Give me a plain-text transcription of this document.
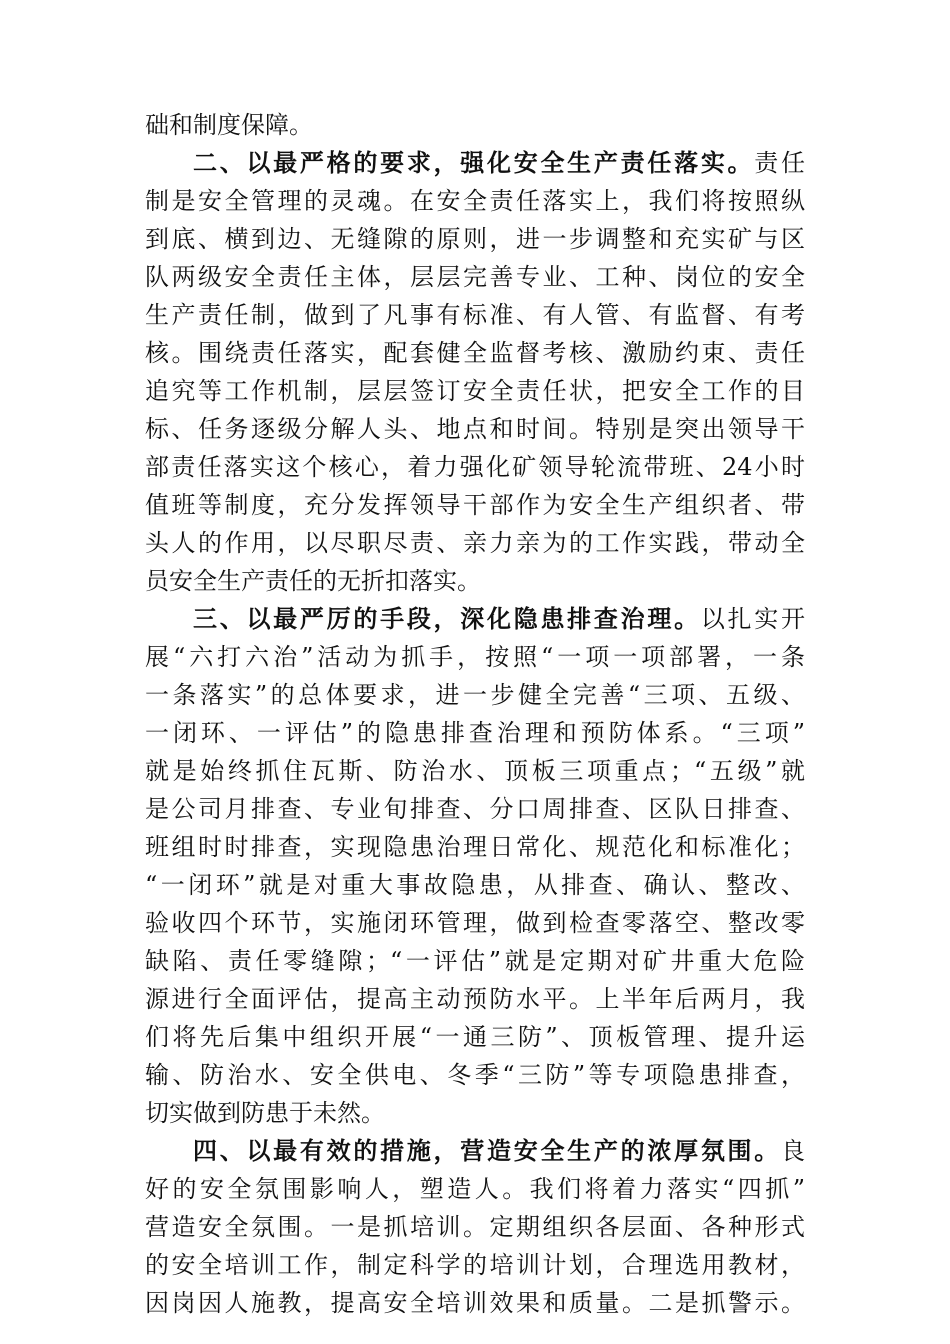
础和制度保障。
二、以最严格的要求，强化安全生产责任落实。责任
制是安全管理的灵魂。在安全责任落实上，我们将按照纵
到底、横到边、无缝隙的原则，进一步调整和充实矿与区
队两级安全责任主体，层层完善专业、工种、岗位的安全
生产责任制，做到了凡事有标准、有人管、有监督、有考
核。围绕责任落实，配套健全监督考核、激励约束、责任
追究等工作机制，层层签订安全责任状，把安全工作的目
标、任务逐级分解人头、地点和时间。特别是突出领导干
部责任落实这个核心，着力强化矿领导轮流带班、24小时
值班等制度，充分发挥领导干部作为安全生产组织者、带
头人的作用，以尽职尽责、亲力亲为的工作实践，带动全
员安全生产责任的无折扣落实。
三、以最严厉的手段，深化隐患排查治理。以扎实开
展“六打六治”活动为抓手，按照“一项一项部署，一条
一条落实”的总体要求，进一步健全完善“三项、五级、
一闭环、一评估”的隐患排查治理和预防体系。“三项”
就是始终抓住瓦斯、防治水、顶板三项重点；“五级”就
是公司月排查、专业旬排查、分口周排查、区队日排查、
班组时时排查，实现隐患治理日常化、规范化和标准化；
“一闭环”就是对重大事故隐患，从排查、确认、整改、
验收四个环节，实施闭环管理，做到检查零落空、整改零
缺陷、责任零缝隙；“一评估”就是定期对矿井重大危险
源进行全面评估，提高主动预防水平。上半年后两月，我
们将先后集中组织开展“一通三防”、顶板管理、提升运
输、防治水、安全供电、冬季“三防”等专项隐患排查，
切实做到防患于未然。
四、以最有效的措施，营造安全生产的浓厚氛围。良
好的安全氛围影响人，塑造人。我们将着力落实“四抓”
营造安全氛围。一是抓培训。定期组织各层面、各种形式
的安全培训工作，制定科学的培训计划，合理选用教材，
因岗因人施教，提高安全培训效果和质量。二是抓警示。
